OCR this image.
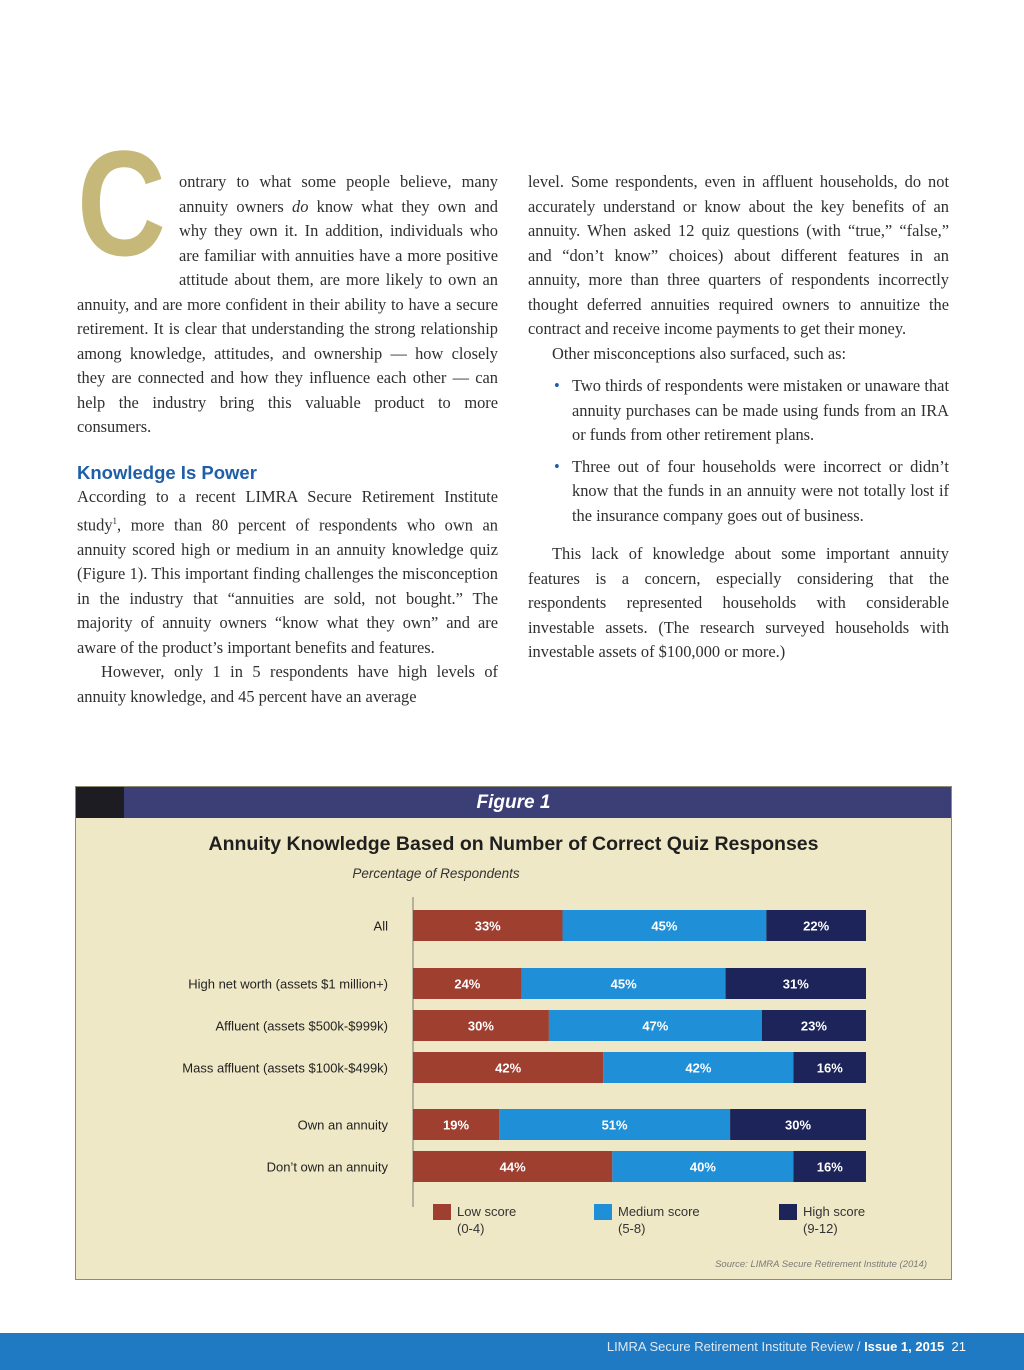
Contrary to what some people believe, many annuity owners do know what they own and why they own it. In addition, individuals who are familiar with annuities have a more positive attitude about them, are more likely to own an annuity, and are more confident in their ability to have a secure retirement. It is clear that understanding the strong relationship among knowledge, attitudes, and ownership — how closely they are connected and how they influence each other — can help the industry bring this valuable product to more consumers.

Knowledge Is Power

According to a recent LIMRA Secure Retirement Institute study$^1$, more than 80 percent of respondents who own an annuity scored high or medium in an annuity knowledge quiz (Figure 1). This important finding challenges the misconception in the industry that “annuities are sold, not bought.” The majority of annuity owners “know what they own” and are aware of the product’s important benefits and features.

However, only 1 in 5 respondents have high levels of annuity knowledge, and 45 percent have an average

level. Some respondents, even in affluent households, do not accurately understand or know about the key benefits of an annuity. When asked 12 quiz questions (with “true,” “false,” and “don’t know” choices) about different features in an annuity, more than three quarters of respondents incorrectly thought deferred annuities required owners to annuitize the contract and receive income payments to get their money.

Other misconceptions also surfaced, such as:

• Two thirds of respondents were mistaken or unaware that annuity purchases can be made using funds from an IRA or funds from other retirement plans.
• Three out of four households were incorrect or didn’t know that the funds in an annuity were not totally lost if the insurance company goes out of business.

This lack of knowledge about some important annuity features is a concern, especially considering that the respondents represented households with considerable investable assets. (The research surveyed households with investable assets of $100,000 or more.)

Figure 1
Annuity Knowledge Based on Number of Correct Quiz Responses
Percentage of Respondents
All	33%	45%	22%
High net worth (assets $1 million+)	24%	45%	31%
Affluent (assets $500k-$999k)	30%	47%	23%
Mass affluent (assets $100k-$499k)	42%	42%	16%
Own an annuity	19%	51%	30%
Don’t own an annuity	44%	40%	16%
Low score
(0-4)
Medium score
(5-8)
High score
(9-12)
Source: LIMRA Secure Retirement Institute (2014)
LIMRA Secure Retirement Institute Review / Issue 1, 2015 21
